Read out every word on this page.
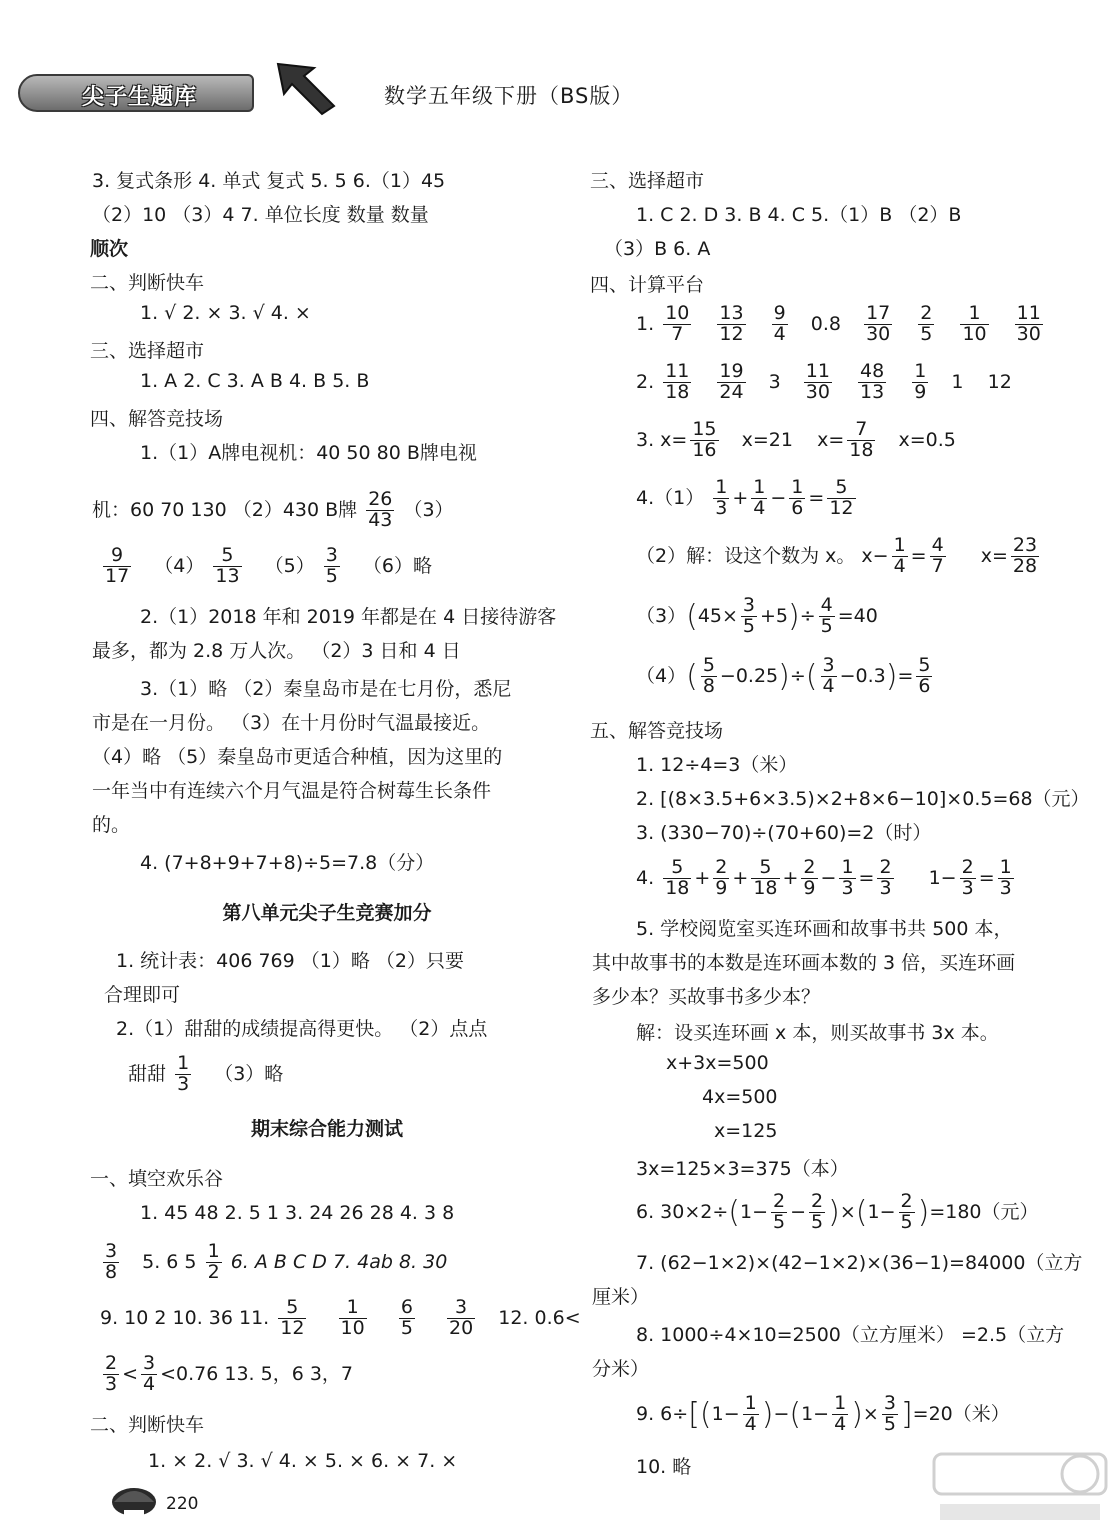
尖子生题库	数学五年级下册（BS版）
3. 复式条形 4. 单式 复式 5. 5 6.（1）45
（2）10 （3）4 7. 单位长度 数量 数量
顺次
二、判断快车
1. √ 2. × 3. √ 4. ×
三、选择超市
1. A 2. C 3. A B 4. B 5. B
四、解答竞技场
1.（1）A牌电视机：40 50 80 B牌电视
机：60 70 130 （2）430 B牌 $\frac{26}{43} (3)$
$\frac{9}{17} (4) \frac{5}{13} (5) \frac{3}{5} (6)$略
2.（1）2018 年和 2019 年都是在 4 日接待游客
最多，都为 2.8 万人次。 （2）3 日和 4 日
3.（1）略 （2）秦皇岛市是在七月份，悉尼
市是在一月份。 （3）在十月份时气温最接近。
（4）略 （5）秦皇岛市更适合种植，因为这里的
一年当中有连续六个月气温是符合树莓生长条件
的。
4. (7+8+9+7+8)÷5=7.8（分）
第八单元尖子生竞赛加分
1. 统计表：406 769 （1）略 （2）只要
合理即可
2.（1）甜甜的成绩提高得更快。 （2）点点
甜甜 $\frac{1}{3} (3)$略
期末综合能力测试
一、填空欢乐谷
1. 45 48 2. 5 1 3. 24 26 28 4. 3 8
$\frac{3}{8} 5$. 6 $5 \frac{1}{2} 6$. A B C D 7. 4ab 8. 30
9. 10 2 10. 36 11. $\frac{5}{12}$
$\frac{1}{10}$
$\frac{6}{5}$
$\frac{3}{20} 12$. 0.6<
$\frac{2}{3} < \frac{3}{4} <0.76$ 13. 5，6 3，7
二、判断快车
1. × 2. √ 3. √ 4. × 5. × 6. × 7. ×
三、选择超市
1. C 2. D 3. B 4. C 5.（1）B （2）B
（3）B 6. A
四、计算平台
1. $\frac{10}{7}$
$\frac{13}{12}$
$\frac{9}{4} 0.8 \frac{17}{30}$
$\frac{2}{5}$
$\frac{1}{10}$
$\frac{11}{30}$
2. $\frac{11}{18}$
$\frac{19}{24} 3 \frac{11}{30}$
$\frac{48}{13}$
$\frac{1}{9} 1$    12
3. $x= \frac{15}{16} x=21$    $x= \frac{7}{18} x=0.5$
$4.(1) \frac{1}{3} + \frac{1}{4} - \frac{1}{6} = \frac{5}{12}$
（2）解：设这个数为 x。 $x- \frac{1}{4} = \frac{4}{7} x= \frac{23}{28}$
$(3)(45\times \frac{3}{5} +5)\div \frac{4}{5} =40$
$(4)( \frac{5}{8} -0.25)\div( \frac{3}{4} -0.3)= \frac{5}{6}$
五、解答竞技场
1. 12÷4=3（米）
2. [(8×3.5+6×3.5)×2+8×6−10]×0.5=68（元）
3. (330−70)÷(70+60)=2（时）
4. $\frac{5}{18} + \frac{2}{9} + \frac{5}{18} + \frac{2}{9} - \frac{1}{3} = \frac{2}{3} 1- \frac{2}{3} = \frac{1}{3}$
5. 学校阅览室买连环画和故事书共 500 本，
其中故事书的本数是连环画本数的 3 倍，买连环画
多少本？买故事书多少本？
解：设买连环画 x 本，则买故事书 3x 本。
x+3x=500
4x=500
x=125
3x=125×3=375（本）
6. $30\times 2\div(1- \frac{2}{5} - \frac{2}{5} )\times(1- \frac{2}{5} )=180$（元）
7. (62−1×2)×(42−1×2)×(36−1)=84000（立方
厘米）
8. 1000÷4×10=2500（立方厘米） =2.5（立方
分米）
9. $6\div[(1- \frac{1}{4} )-(1- \frac{1}{4}$ )× $\frac{3}{5} ]=20$（米）
10. 略
220
